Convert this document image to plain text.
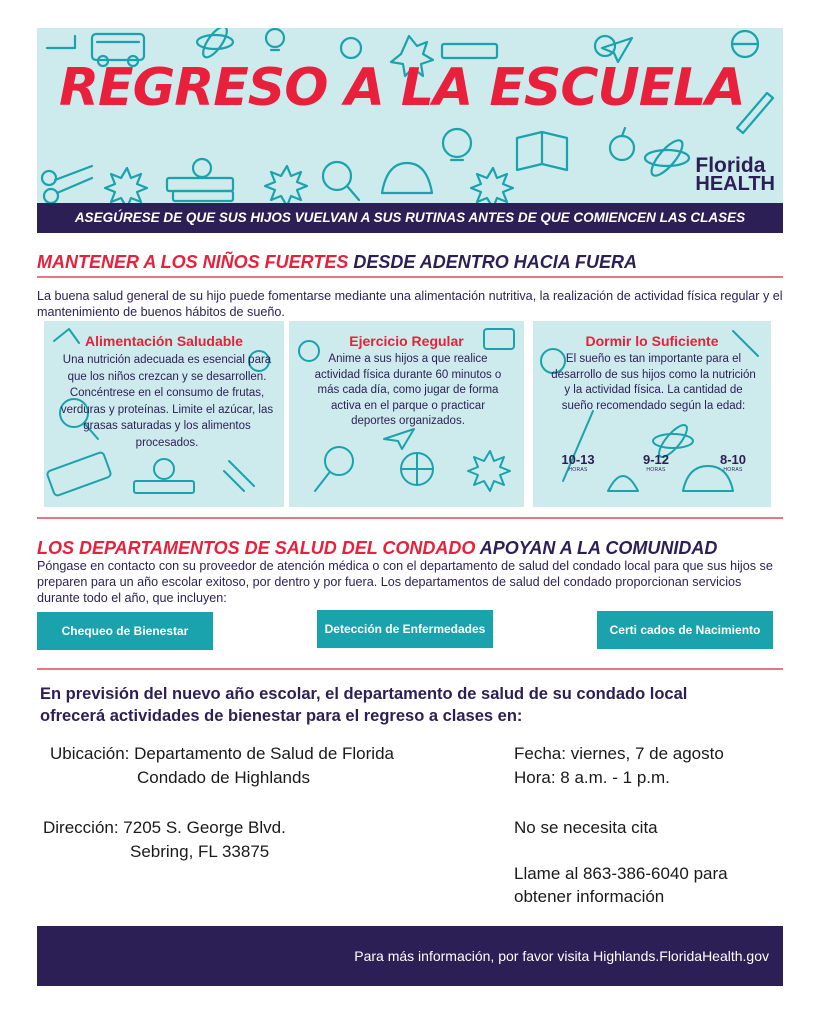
REGRESO A LA ESCUELA
Florida
HEALTH
ASEGÚRESE DE QUE SUS HIJOS VUELVAN A SUS RUTINAS ANTES DE QUE COMIENCEN LAS CLASES
MANTENER A LOS NIÑOS FUERTES DESDE ADENTRO HACIA FUERA
La buena salud general de su hijo puede fomentarse mediante una alimentación nutritiva, la realización de actividad física regular y el mantenimiento de buenos hábitos de sueño.
Alimentación Saludable
Una nutrición adecuada es esencial para que los niños crezcan y se desarrollen. Concéntrese en el consumo de frutas, verduras y proteínas. Limite el azúcar, las grasas saturadas y los alimentos procesados.
Ejercicio Regular
Anime a sus hijos a que realice actividad física durante 60 minutos o más cada día, como jugar de forma activa en el parque o practicar deportes organizados.
Dormir lo Suficiente
El sueño es tan importante para el desarrollo de sus hijos como la nutrición y la actividad física. La cantidad de sueño recomendado según la edad:
10-13
HORAS
9-12
HORAS
8-10
HORAS
LOS DEPARTAMENTOS DE SALUD DEL CONDADO APOYAN A LA COMUNIDAD
Póngase en contacto con su proveedor de atención médica o con el departamento de salud del condado local para que sus hijos se preparen para un año escolar exitoso, por dentro y por fuera. Los departamentos de salud del condado proporcionan servicios durante todo el año, que incluyen:
Chequeo de Bienestar	Detección de Enfermedades	Certi cados de Nacimiento
En previsión del nuevo año escolar, el departamento de salud de su condado local ofrecerá actividades de bienestar para el regreso a clases en:
Ubicación: Departamento de Salud de Florida
Condado de Highlands
Dirección: 7205 S. George Blvd.
Sebring, FL 33875
Fecha: viernes, 7 de agosto
Hora: 8 a.m. - 1 p.m.
No se necesita cita
Llame al 863-386-6040 para
obtener información
Para más información, por favor visita Highlands.FloridaHealth.gov
